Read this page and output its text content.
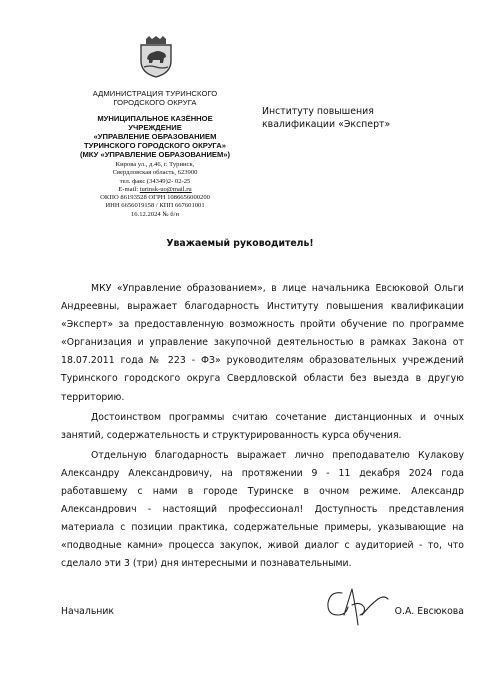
АДМИНИСТРАЦИЯ ТУРИНСКОГО
ГОРОДСКОГО ОКРУГА
МУНИЦИПАЛЬНОЕ КАЗЁННОЕ
УЧРЕЖДЕНИЕ
«УПРАВЛЕНИЕ ОБРАЗОВАНИЕМ
ТУРИНСКОГО ГОРОДСКОГО ОКРУГА»
(МКУ «УПРАВЛЕНИЕ ОБРАЗОВАНИЕМ»)
Кирова ул., д.46, г. Туринск,
Свердловская область, 623900
тел. факс (34349)2- 02-25
E-mail: turinsk-uo@mail.ru
ОКПО 86193528 ОГРН 1086656000200
ИНН 6656019158 / КПП 667601001
16.12.2024 № б/н
Институту повышения
квалификации «Эксперт»
Уважаемый руководитель!

МКУ «Управление образованием», в лице начальника Евсюковой Ольги Андреевны, выражает благодарность Институту повышения квалификации «Эксперт» за предоставленную возможность пройти обучение по программе «Организация и управление закупочной деятельностью в рамках Закона от 18.07.2011 года № 223 - ФЗ» руководителям образовательных учреждений Туринского городского округа Свердловской области без выезда в другую территорию.

Достоинством программы считаю сочетание дистанционных и очных занятий, содержательность и структурированность курса обучения.

Отдельную благодарность выражает лично преподавателю Кулакову Александру Александровичу, на протяжении 9 - 11 декабря 2024 года работавшему с нами в городе Туринске в очном режиме. Александр Александрович - настоящий профессионал! Доступность представления материала с позиции практика, содержательные примеры, указывающие на «подводные камни» процесса закупок, живой диалог с аудиторией - то, что сделало эти 3 (три) дня интересными и познавательными.

Начальник	О.А. Евсюкова
